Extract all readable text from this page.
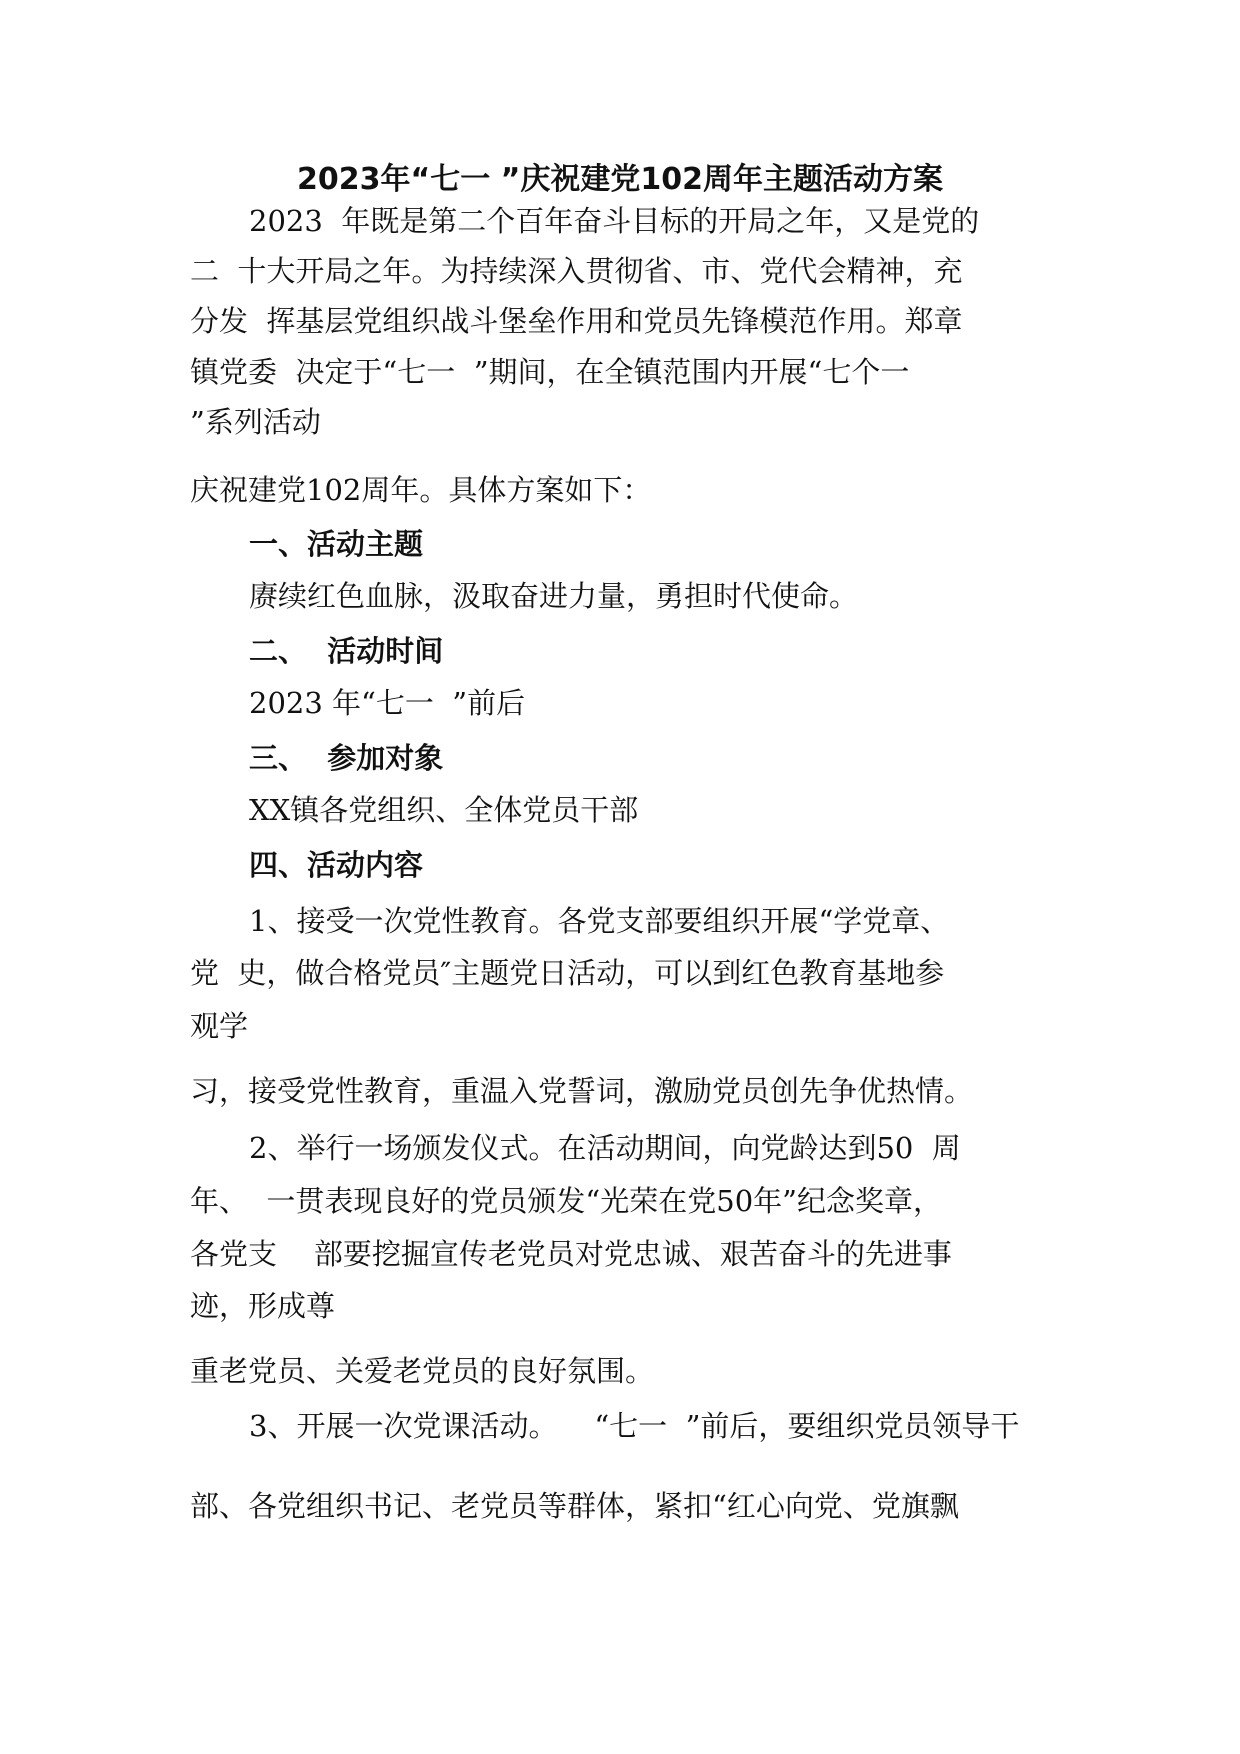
2023年“七一 ”庆祝建党102周年主题活动方案

2023  年既是第二个百年奋斗目标的开局之年，又是党的

二  十大开局之年。为持续深入贯彻省、市、党代会精神，充

分发  挥基层党组织战斗堡垒作用和党员先锋模范作用。郑章

镇党委  决定于“七一  ”期间，在全镇范围内开展“七个一

”系列活动

庆祝建党102周年。具体方案如下：

一、活动主题

赓续红色血脉，汲取奋进力量，勇担时代使命。

二、  活动时间

2023 年“七一  ”前后

三、  参加对象

XX镇各党组织、全体党员干部

四、活动内容

1、接受一次党性教育。各党支部要组织开展“学党章、

党  史，做合格党员″主题党日活动，可以到红色教育基地参

观学

习，接受党性教育，重温入党誓词，激励党员创先争优热情。

2、举行一场颁发仪式。在活动期间，向党龄达到50  周

年、  一贯表现良好的党员颁发“光荣在党50年”纪念奖章，

各党支    部要挖掘宣传老党员对党忠诚、艰苦奋斗的先进事

迹，形成尊

重老党员、关爱老党员的良好氛围。

3、开展一次党课活动。    “七一  ”前后，要组织党员领导干

部、各党组织书记、老党员等群体，紧扣“红心向党、党旗飘
